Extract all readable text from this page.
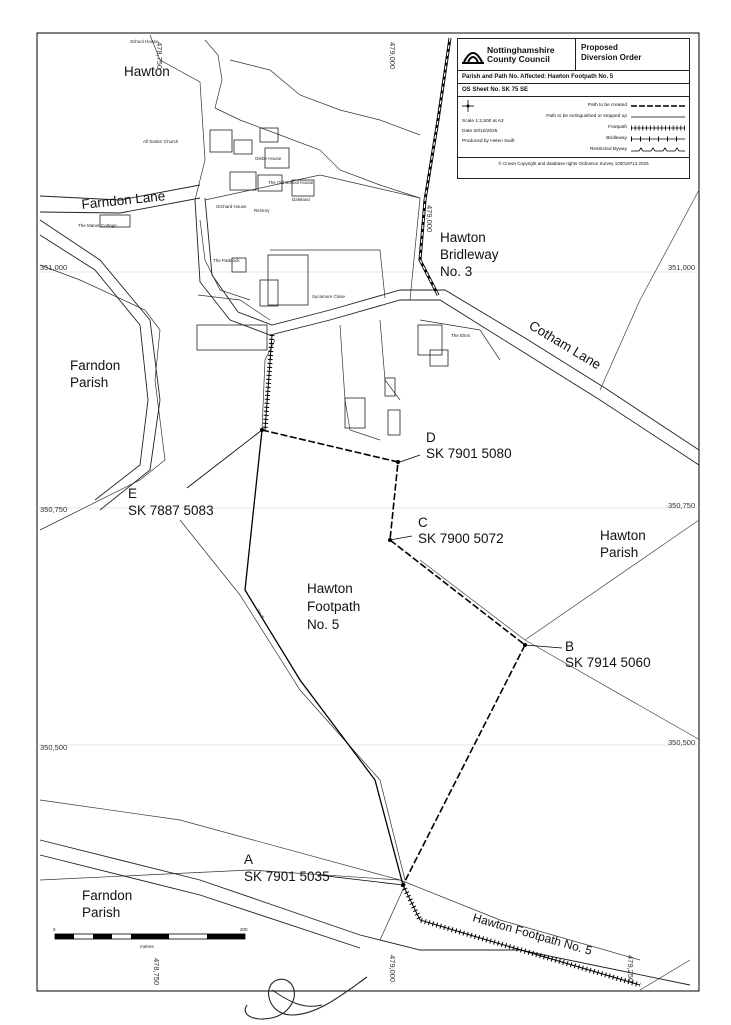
Hawton
Farndon Lane
Hawton
Bridleway
No. 3
Cotham Lane
Farndon
Parish
Hawton
Parish
Hawton
Footpath
No. 5
Farndon
Parish	Hawton Footpath No. 5
E
SK 7887 5083
D
SK 7901 5080
C
SK 7900 5072
B
SK 7914 5060
A
SK 7901 5035
351,000	351,000
350,750	350,750
350,500
350,500
478,750	479,000
479,000
478,750	479,000	479,250
School House
All Saints' Church
Glebe House
The Old School House
Orchard House
Rectory
Daleland
The Manor Cottage
The Paddock
Sycamore Close
The Elms
Track
0	200
metres
Nottinghamshire
County Council
Proposed
Diversion Order
Parish and Path No. Affected: Hawton Footpath No. 5
OS Sheet No. SK 75 SE
Scale 1:2,500 at A3
Date 20/10/2025
Produced by Helen Swift
Path to be created
Path to be extinguished or stopped up
Footpath
Bridleway
Restricted Byway
© Crown Copyright and database rights Ordnance Survey 100019713 2025
